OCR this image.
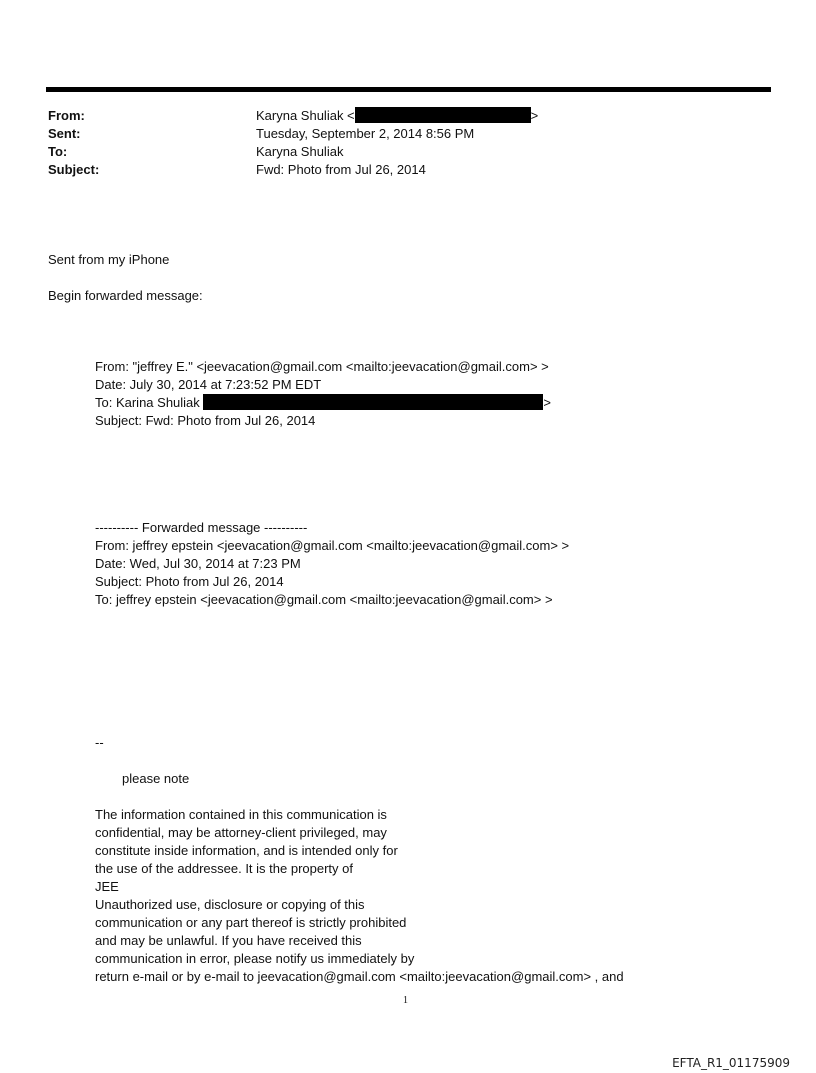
From:
Sent:
To:
Subject:
Karyna Shuliak <	>
Tuesday, September 2, 2014 8:56 PM
Karyna Shuliak
Fwd: Photo from Jul 26, 2014
Sent from my iPhone
Begin forwarded message:
From: "jeffrey E." <jeevacation@gmail.com <mailto:jeevacation@gmail.com> >
Date: July 30, 2014 at 7:23:52 PM EDT
To: Karina Shuliak	>
Subject: Fwd: Photo from Jul 26, 2014
---------- Forwarded message ----------
From: jeffrey epstein <jeevacation@gmail.com <mailto:jeevacation@gmail.com> >
Date: Wed, Jul 30, 2014 at 7:23 PM
Subject: Photo from Jul 26, 2014
To: jeffrey epstein <jeevacation@gmail.com <mailto:jeevacation@gmail.com> >
--
please note
The information contained in this communication is
confidential, may be attorney-client privileged, may
constitute inside information, and is intended only for
the use of the addressee. It is the property of
JEE
Unauthorized use, disclosure or copying of this
communication or any part thereof is strictly prohibited
and may be unlawful. If you have received this
communication in error, please notify us immediately by
return e-mail or by e-mail to jeevacation@gmail.com <mailto:jeevacation@gmail.com> , and
1
EFTA_R1_01175909
